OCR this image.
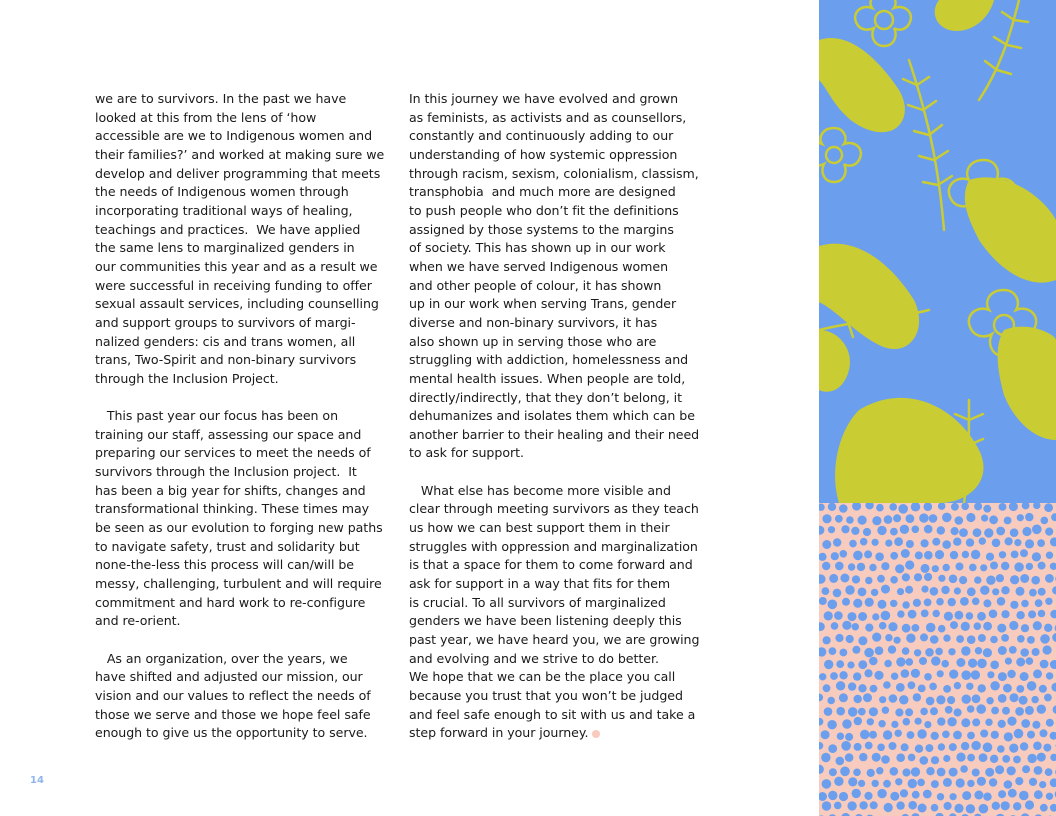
we are to survivors. In the past we have
looked at this from the lens of ‘how
accessible are we to Indigenous women and
their families?’ and worked at making sure we
develop and deliver programming that meets
the needs of Indigenous women through
incorporating traditional ways of healing,
teachings and practices.  We have applied
the same lens to marginalized genders in
our communities this year and as a result we
were successful in receiving funding to offer
sexual assault services, including counselling
and support groups to survivors of margi-
nalized genders: cis and trans women, all
trans, Two-Spirit and non-binary survivors
through the Inclusion Project.

This past year our focus has been on
training our staff, assessing our space and
preparing our services to meet the needs of
survivors through the Inclusion project.  It
has been a big year for shifts, changes and
transformational thinking. These times may
be seen as our evolution to forging new paths
to navigate safety, trust and solidarity but
none-the-less this process will can/will be
messy, challenging, turbulent and will require
commitment and hard work to re-configure
and re-orient.

As an organization, over the years, we
have shifted and adjusted our mission, our
vision and our values to reflect the needs of
those we serve and those we hope feel safe
enough to give us the opportunity to serve.
In this journey we have evolved and grown
as feminists, as activists and as counsellors,
constantly and continuously adding to our
understanding of how systemic oppression
through racism, sexism, colonialism, classism,
transphobia  and much more are designed
to push people who don’t fit the definitions
assigned by those systems to the margins
of society. This has shown up in our work
when we have served Indigenous women
and other people of colour, it has shown
up in our work when serving Trans, gender
diverse and non-binary survivors, it has
also shown up in serving those who are
struggling with addiction, homelessness and
mental health issues. When people are told,
directly/indirectly, that they don’t belong, it
dehumanizes and isolates them which can be
another barrier to their healing and their need
to ask for support.

What else has become more visible and
clear through meeting survivors as they teach
us how we can best support them in their
struggles with oppression and marginalization
is that a space for them to come forward and
ask for support in a way that fits for them
is crucial. To all survivors of marginalized
genders we have been listening deeply this
past year, we have heard you, we are growing
and evolving and we strive to do better.
We hope that we can be the place you call
because you trust that you won’t be judged
and feel safe enough to sit with us and take a
step forward in your journey.
14
